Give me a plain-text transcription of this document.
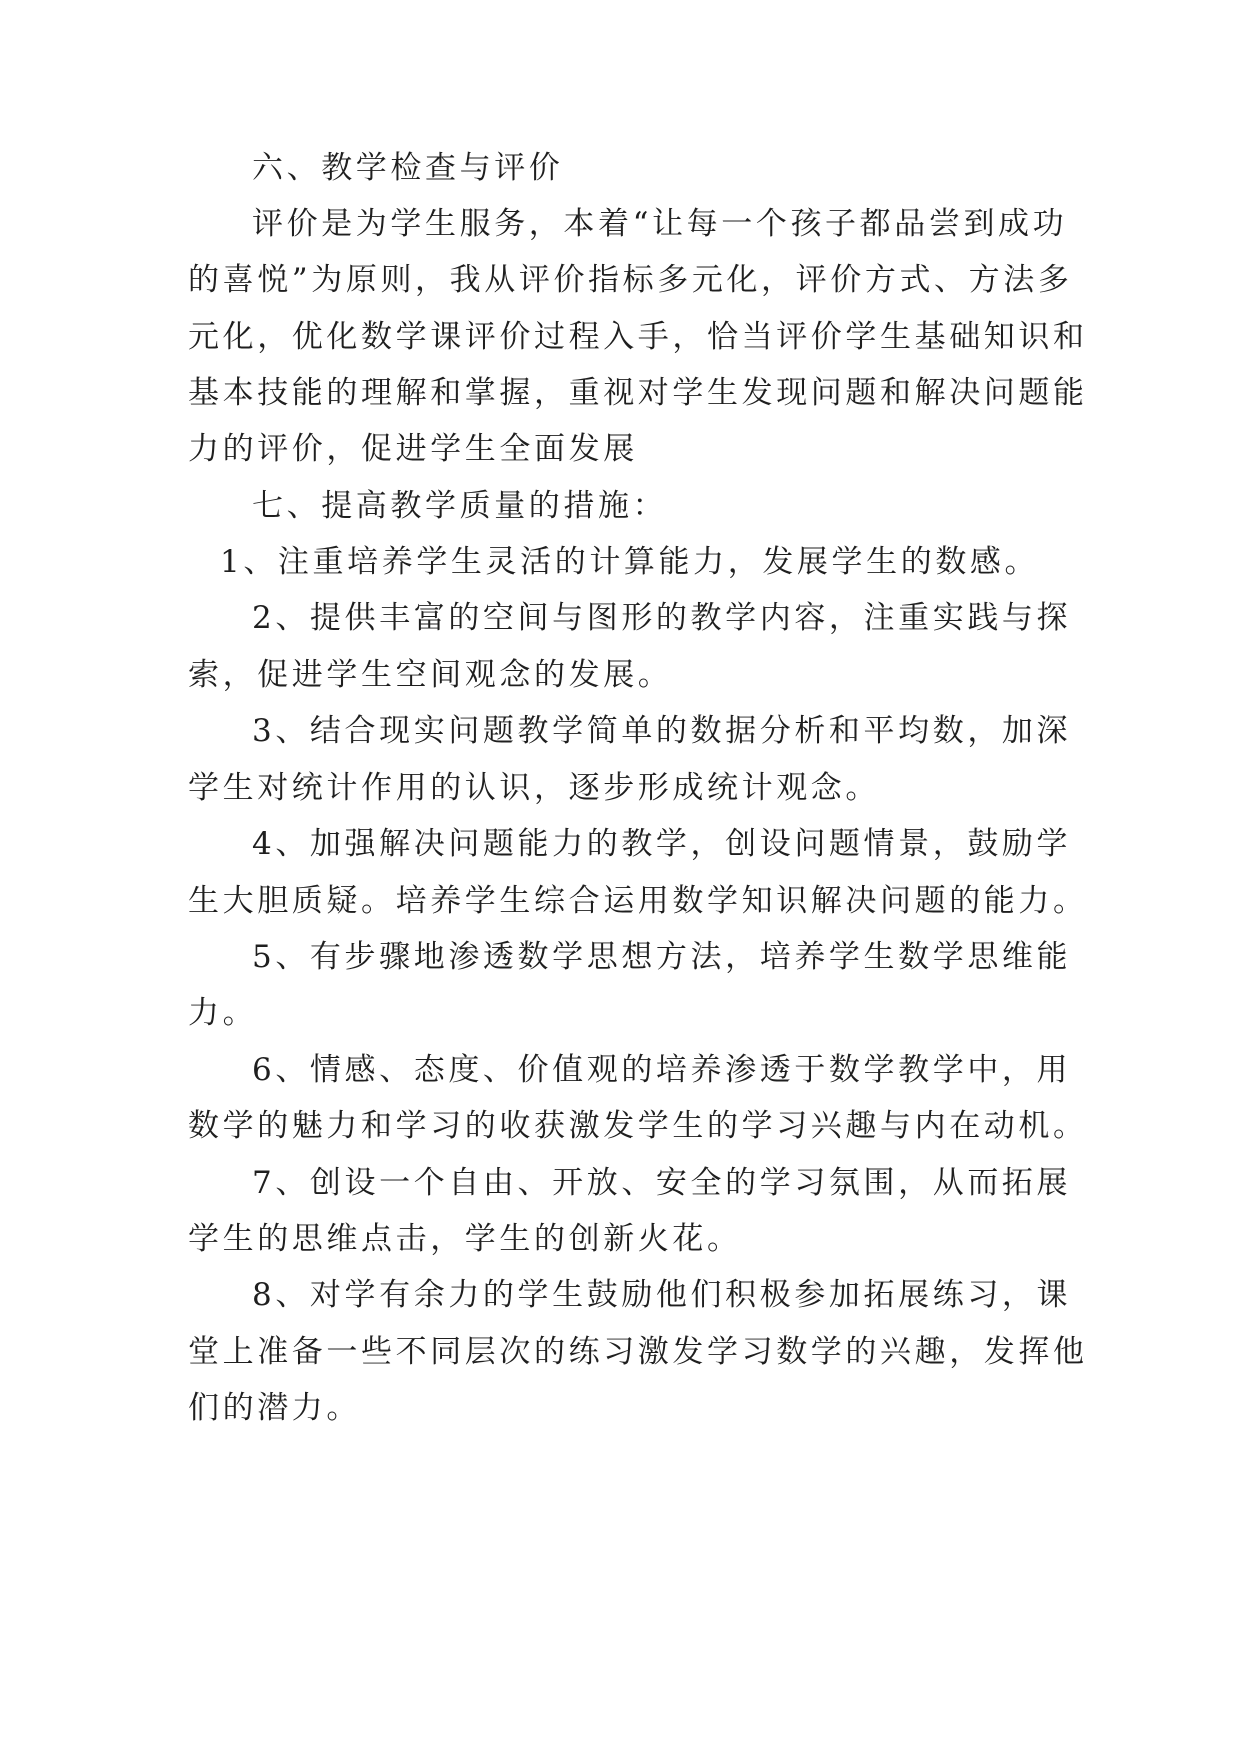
六、教学检查与评价
评价是为学生服务，本着“让每一个孩子都品尝到成功
的喜悦”为原则，我从评价指标多元化，评价方式、方法多
元化，优化数学课评价过程入手，恰当评价学生基础知识和
基本技能的理解和掌握，重视对学生发现问题和解决问题能
力的评价，促进学生全面发展
七、提高教学质量的措施：
1、注重培养学生灵活的计算能力，发展学生的数感。
2、提供丰富的空间与图形的教学内容，注重实践与探
索，促进学生空间观念的发展。
3、结合现实问题教学简单的数据分析和平均数，加深
学生对统计作用的认识，逐步形成统计观念。
4、加强解决问题能力的教学，创设问题情景，鼓励学
生大胆质疑。培养学生综合运用数学知识解决问题的能力。
5、有步骤地渗透数学思想方法，培养学生数学思维能
力。
6、情感、态度、价值观的培养渗透于数学教学中，用
数学的魅力和学习的收获激发学生的学习兴趣与内在动机。
7、创设一个自由、开放、安全的学习氛围，从而拓展
学生的思维点击，学生的创新火花。
8、对学有余力的学生鼓励他们积极参加拓展练习，课
堂上准备一些不同层次的练习激发学习数学的兴趣，发挥他
们的潜力。
